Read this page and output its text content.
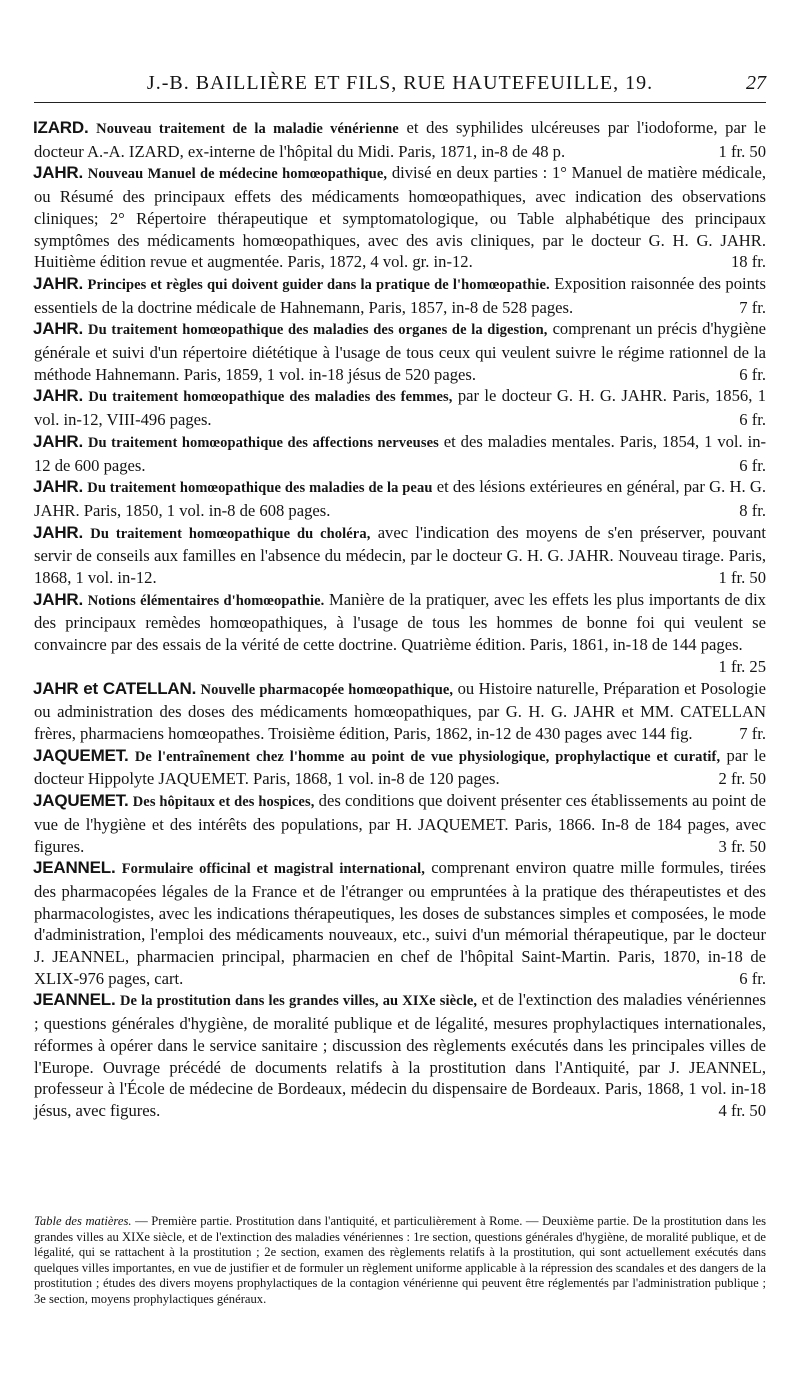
J.-B. BAILLIÈRE ET FILS, RUE HAUTEFEUILLE, 19.	27
IZARD. Nouveau traitement de la maladie vénérienne et des syphilides ulcéreuses par l'iodoforme, par le docteur A.-A. IZARD, ex-interne de l'hôpital du Midi. Paris, 1871, in-8 de 48 p.	1 fr. 50
JAHR. Nouveau Manuel de médecine homœopathique, divisé en deux parties : 1° Manuel de matière médicale, ou Résumé des principaux effets des médicaments homœopathiques, avec indication des observations cliniques; 2° Répertoire thérapeutique et symptomatologique, ou Table alphabétique des principaux symptômes des médicaments homœopathiques, avec des avis cliniques, par le docteur G. H. G. JAHR. Huitième édition revue et augmentée. Paris, 1872, 4 vol. gr. in-12.	18 fr.
JAHR. Principes et règles qui doivent guider dans la pratique de l'homœopathie. Exposition raisonnée des points essentiels de la doctrine médicale de Hahnemann, Paris, 1857, in-8 de 528 pages.	7 fr.
JAHR. Du traitement homœopathique des maladies des organes de la digestion, comprenant un précis d'hygiène générale et suivi d'un répertoire diététique à l'usage de tous ceux qui veulent suivre le régime rationnel de la méthode Hahnemann. Paris, 1859, 1 vol. in-18 jésus de 520 pages.	6 fr.
JAHR. Du traitement homœopathique des maladies des femmes, par le docteur G. H. G. JAHR. Paris, 1856, 1 vol. in-12, VIII-496 pages.	6 fr.
JAHR. Du traitement homœopathique des affections nerveuses et des maladies mentales. Paris, 1854, 1 vol. in-12 de 600 pages.	6 fr.
JAHR. Du traitement homœopathique des maladies de la peau et des lésions extérieures en général, par G. H. G. JAHR. Paris, 1850, 1 vol. in-8 de 608 pages.	8 fr.
JAHR. Du traitement homœopathique du choléra, avec l'indication des moyens de s'en préserver, pouvant servir de conseils aux familles en l'absence du médecin, par le docteur G. H. G. JAHR. Nouveau tirage. Paris, 1868, 1 vol. in-12.	1 fr. 50
JAHR. Notions élémentaires d'homœopathie. Manière de la pratiquer, avec les effets les plus importants de dix des principaux remèdes homœopathiques, à l'usage de tous les hommes de bonne foi qui veulent se convaincre par des essais de la vérité de cette doctrine. Quatrième édition. Paris, 1861, in-18 de 144 pages.
1 fr. 25
JAHR et CATELLAN. Nouvelle pharmacopée homœopathique, ou Histoire naturelle, Préparation et Posologie ou administration des doses des médicaments homœopathiques, par G. H. G. JAHR et MM. CATELLAN frères, pharmaciens homœopathes. Troisième édition, Paris, 1862, in-12 de 430 pages avec 144 fig.	7 fr.
JAQUEMET. De l'entraînement chez l'homme au point de vue physiologique, prophylactique et curatif, par le docteur Hippolyte JAQUEMET. Paris, 1868, 1 vol. in-8 de 120 pages.	2 fr. 50
JAQUEMET. Des hôpitaux et des hospices, des conditions que doivent présenter ces établissements au point de vue de l'hygiène et des intérêts des populations, par H. JAQUEMET. Paris, 1866. In-8 de 184 pages, avec figures.	3 fr. 50
JEANNEL. Formulaire officinal et magistral international, comprenant environ quatre mille formules, tirées des pharmacopées légales de la France et de l'étranger ou empruntées à la pratique des thérapeutistes et des pharmacologistes, avec les indications thérapeutiques, les doses de substances simples et composées, le mode d'administration, l'emploi des médicaments nouveaux, etc., suivi d'un mémorial thérapeutique, par le docteur J. JEANNEL, pharmacien principal, pharmacien en chef de l'hôpital Saint-Martin. Paris, 1870, in-18 de XLIX-976 pages, cart.	6 fr.
JEANNEL. De la prostitution dans les grandes villes, au XIXe siècle, et de l'extinction des maladies vénériennes ; questions générales d'hygiène, de moralité publique et de légalité, mesures prophylactiques internationales, réformes à opérer dans le service sanitaire ; discussion des règlements exécutés dans les principales villes de l'Europe. Ouvrage précédé de documents relatifs à la prostitution dans l'Antiquité, par J. JEANNEL, professeur à l'École de médecine de Bordeaux, médecin du dispensaire de Bordeaux. Paris, 1868, 1 vol. in-18 jésus, avec figures.	4 fr. 50
Table des matières. — Première partie. Prostitution dans l'antiquité, et particulièrement à Rome. — Deuxième partie. De la prostitution dans les grandes villes au XIXe siècle, et de l'extinction des maladies vénériennes : 1re section, questions générales d'hygiène, de moralité publique, et de légalité, qui se rattachent à la prostitution ; 2e section, examen des règlements relatifs à la prostitution, qui sont actuellement exécutés dans quelques villes importantes, en vue de justifier et de formuler un règlement uniforme applicable à la répression des scandales et des dangers de la prostitution ; études des divers moyens prophylactiques de la contagion vénérienne qui peuvent être réglementés par l'administration publique ; 3e section, moyens prophylactiques généraux.
